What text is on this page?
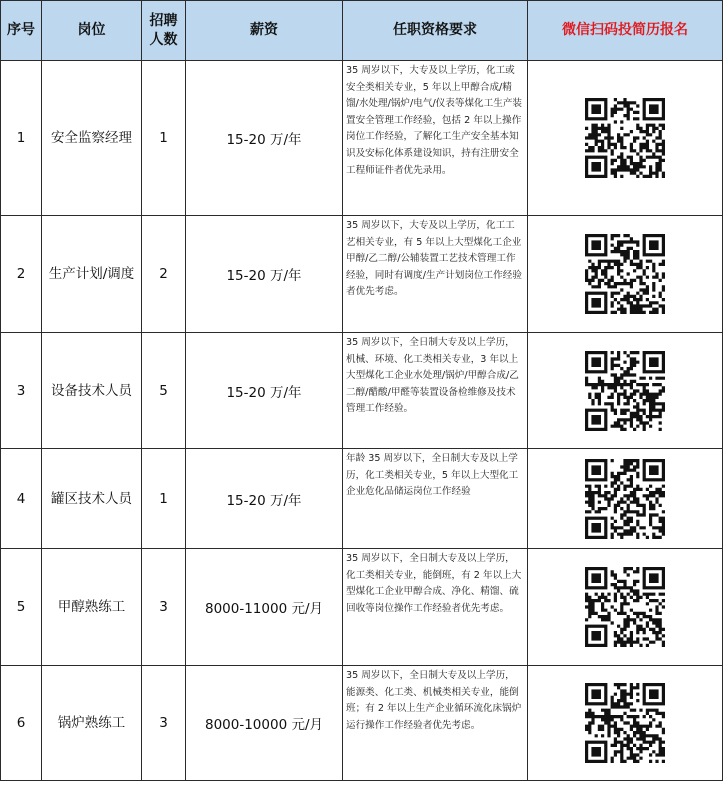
序号	岗位	招聘人数	薪资	任职资格要求	微信扫码投简历报名
1	安全监察经理	1	15-20 万/年	35 周岁以下，大专及以上学历，化工或安全类相关专业，5 年以上甲醇合成/精馏/水处理/锅炉/电气/仪表等煤化工生产装置安全管理工作经验，包括 2 年以上操作岗位工作经验，了解化工生产安全基本知识及安标化体系建设知识，持有注册安全工程师证件者优先录用。	

2	生产计划/调度	2	15-20 万/年	35 周岁以下，大专及以上学历，化工工艺相关专业，有 5 年以上大型煤化工企业甲醇/乙二醇/公辅装置工艺技术管理工作经验，同时有调度/生产计划岗位工作经验者优先考虑。	

3	设备技术人员	5	15-20 万/年	35 周岁以下，全日制大专及以上学历，机械、环境、化工类相关专业，3 年以上大型煤化工企业水处理/锅炉/甲醇合成/乙二醇/醋酸/甲醛等装置设备检维修及技术管理工作经验。	

4	罐区技术人员	1	15-20 万/年	年龄 35 周岁以下，全日制大专及以上学历，化工类相关专业，5 年以上大型化工企业危化品储运岗位工作经验	

5	甲醇熟练工	3	8000-11000 元/月	35 周岁以下，全日制大专及以上学历，化工类相关专业，能倒班，有 2 年以上大型煤化工企业甲醇合成、净化、精馏、硫回收等岗位操作工作经验者优先考虑。	

6	锅炉熟练工	3	8000-10000 元/月	35 周岁以下，全日制大专及以上学历，能源类、化工类、机械类相关专业，能倒班；有 2 年以上生产企业循环流化床锅炉运行操作工作经验者优先考虑。	
